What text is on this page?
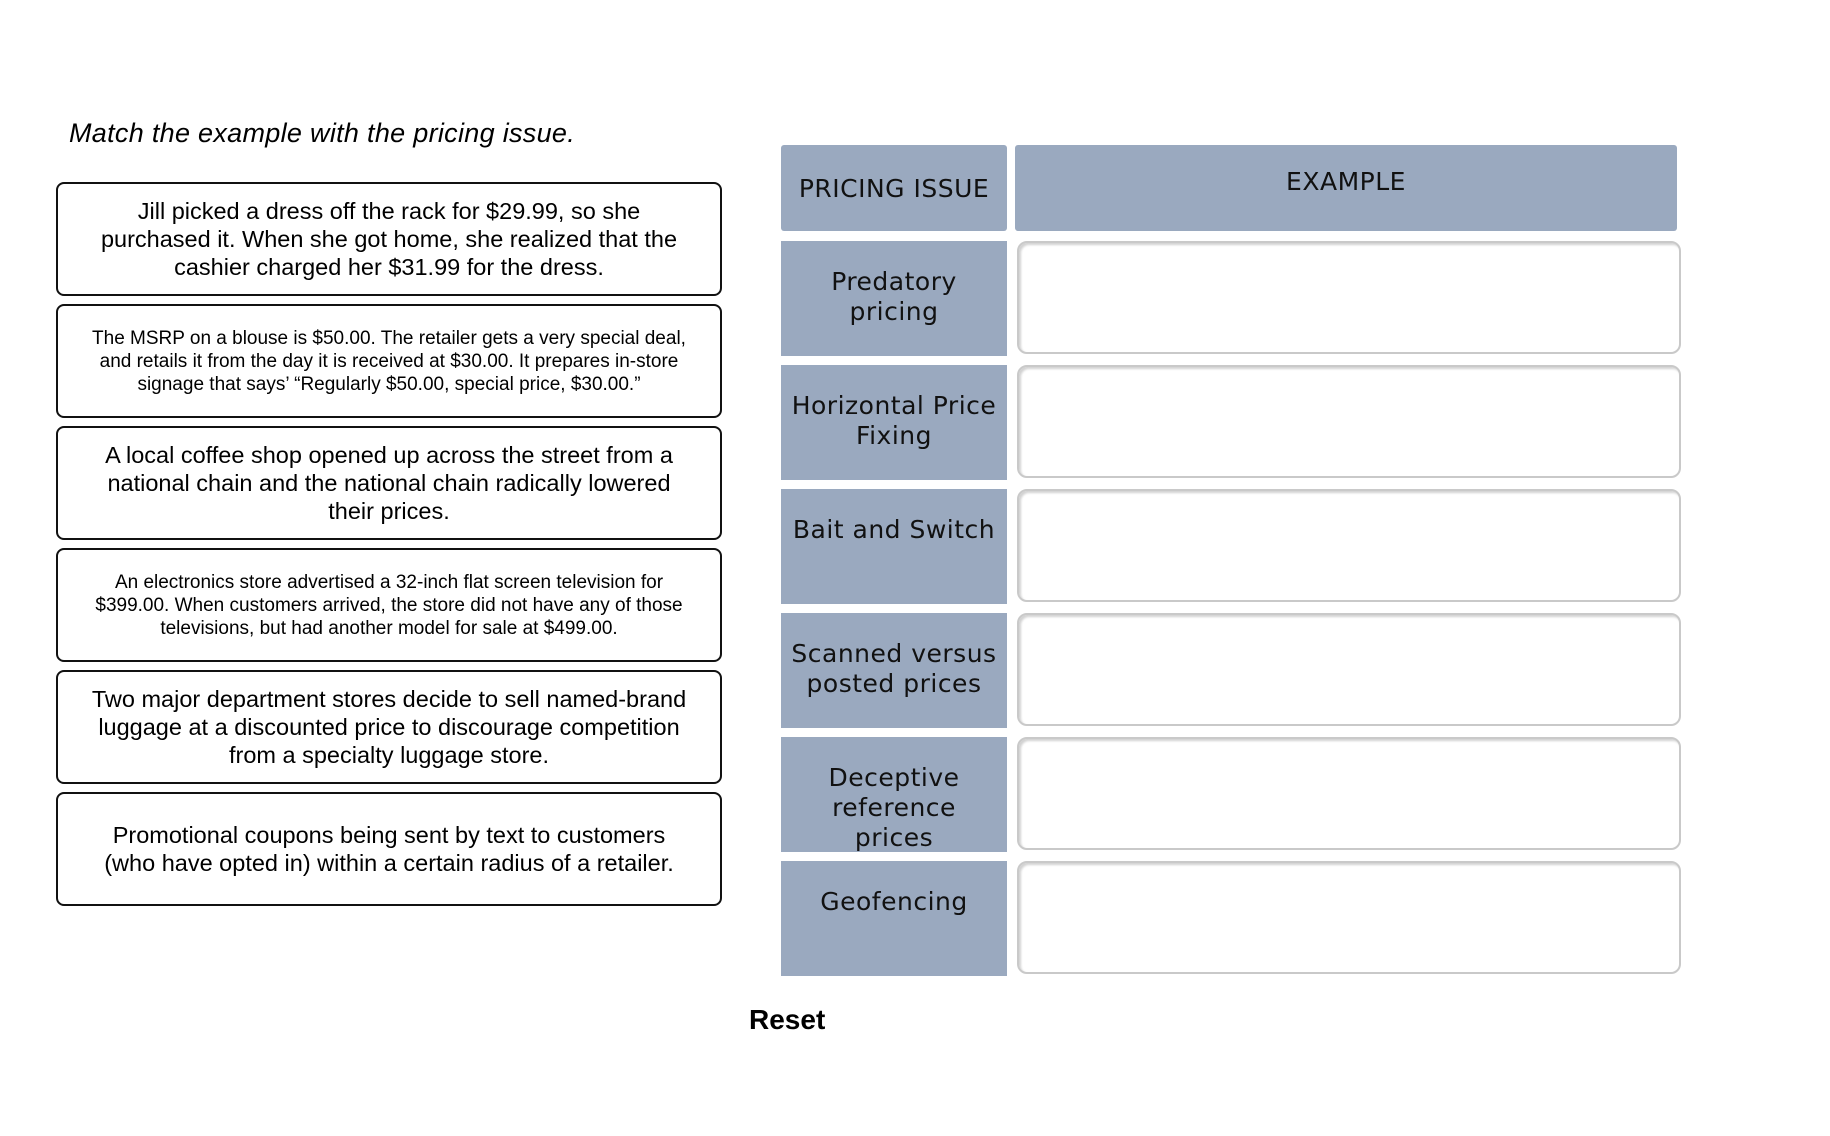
Match the example with the pricing issue.
Jill picked a dress off the rack for $29.99, so she purchased it. When she got home, she realized that the cashier charged her $31.99 for the dress.
The MSRP on a blouse is $50.00. The retailer gets a very special deal, and retails it from the day it is received at $30.00. It prepares in-store signage that says’ “Regularly $50.00, special price, $30.00.”
A local coffee shop opened up across the street from a national chain and the national chain radically lowered their prices.
An electronics store advertised a 32-inch flat screen television for $399.00. When customers arrived, the store did not have any of those televisions, but had another model for sale at $499.00.
Two major department stores decide to sell named-brand luggage at a discounted price to discourage competition from a specialty luggage store.
Promotional coupons being sent by text to customers (who have opted in) within a certain radius of a retailer.
PRICING ISSUE	EXAMPLE
Predatory pricing
Horizontal Price Fixing
Bait and Switch
Scanned versus posted prices
Deceptive reference prices
Geofencing
Reset
